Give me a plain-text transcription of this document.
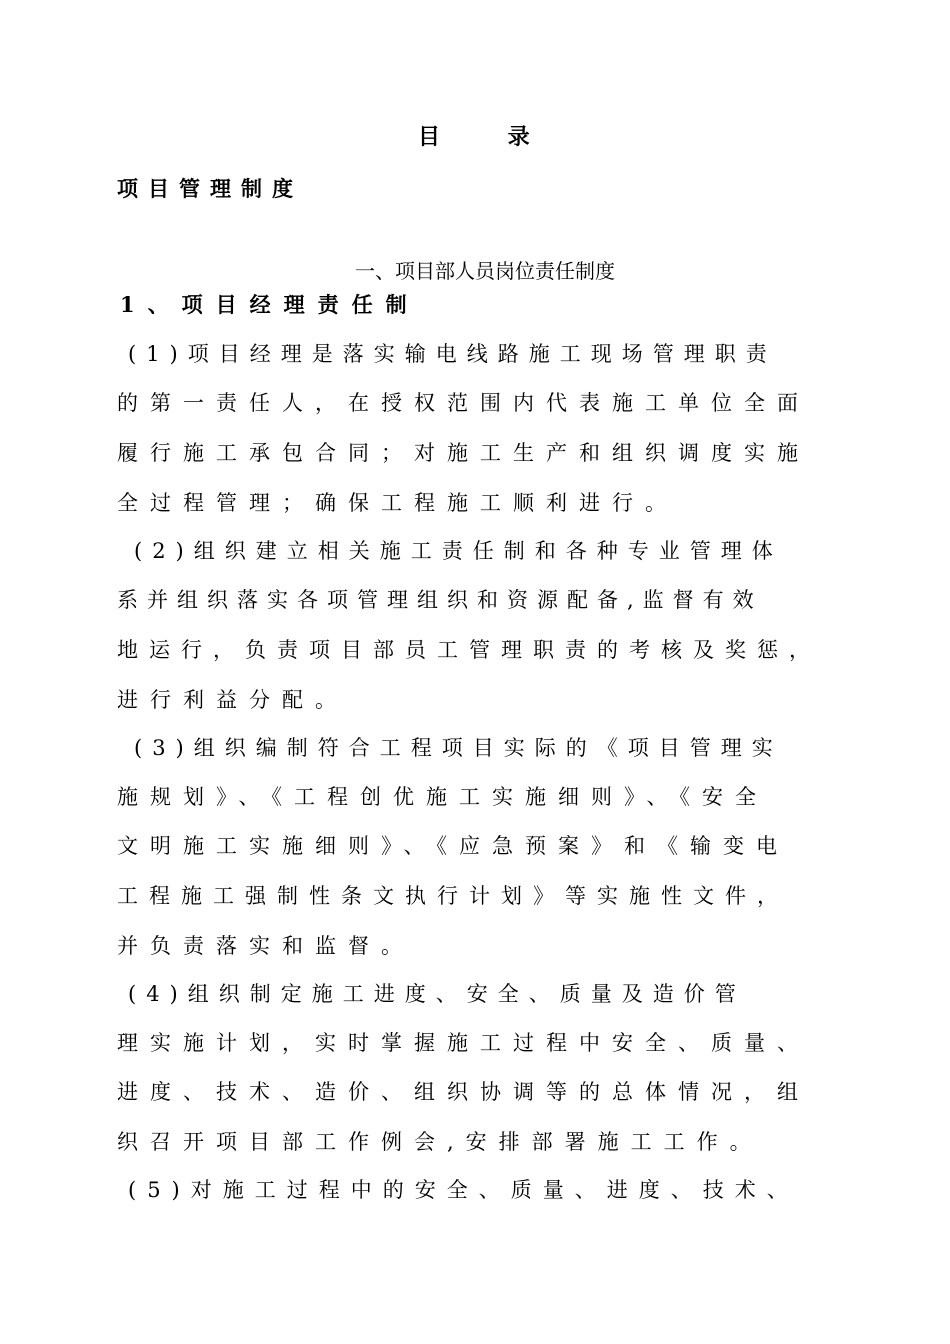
目 录
项目管理制度
一、项目部人员岗位责任制度
1、项目经理责任制
(1)项目经理是落实输电线路施工现场管理职责
的第一责任人，在授权范围内代表施工单位全面
履行施工承包合同；对施工生产和组织调度实施
全过程管理；确保工程施工顺利进行。
(2)组织建立相关施工责任制和各种专业管理体
系并组织落实各项管理组织和资源配备,监督有效
地运行，负责项目部员工管理职责的考核及奖惩，
进行利益分配。
(3)组织编制符合工程项目实际的《项目管理实
施规划》、《工程创优施工实施细则》、《安全
文明施工实施细则》、《应急预案》和《输变电
工程施工强制性条文执行计划》等实施性文件，
并负责落实和监督。
(4)组织制定施工进度、安全、质量及造价管
理实施计划，实时掌握施工过程中安全、质量、
进度、技术、造价、组织协调等的总体情况，组
织召开项目部工作例会,安排部署施工工作。
(5)对施工过程中的安全、质量、进度、技术、
